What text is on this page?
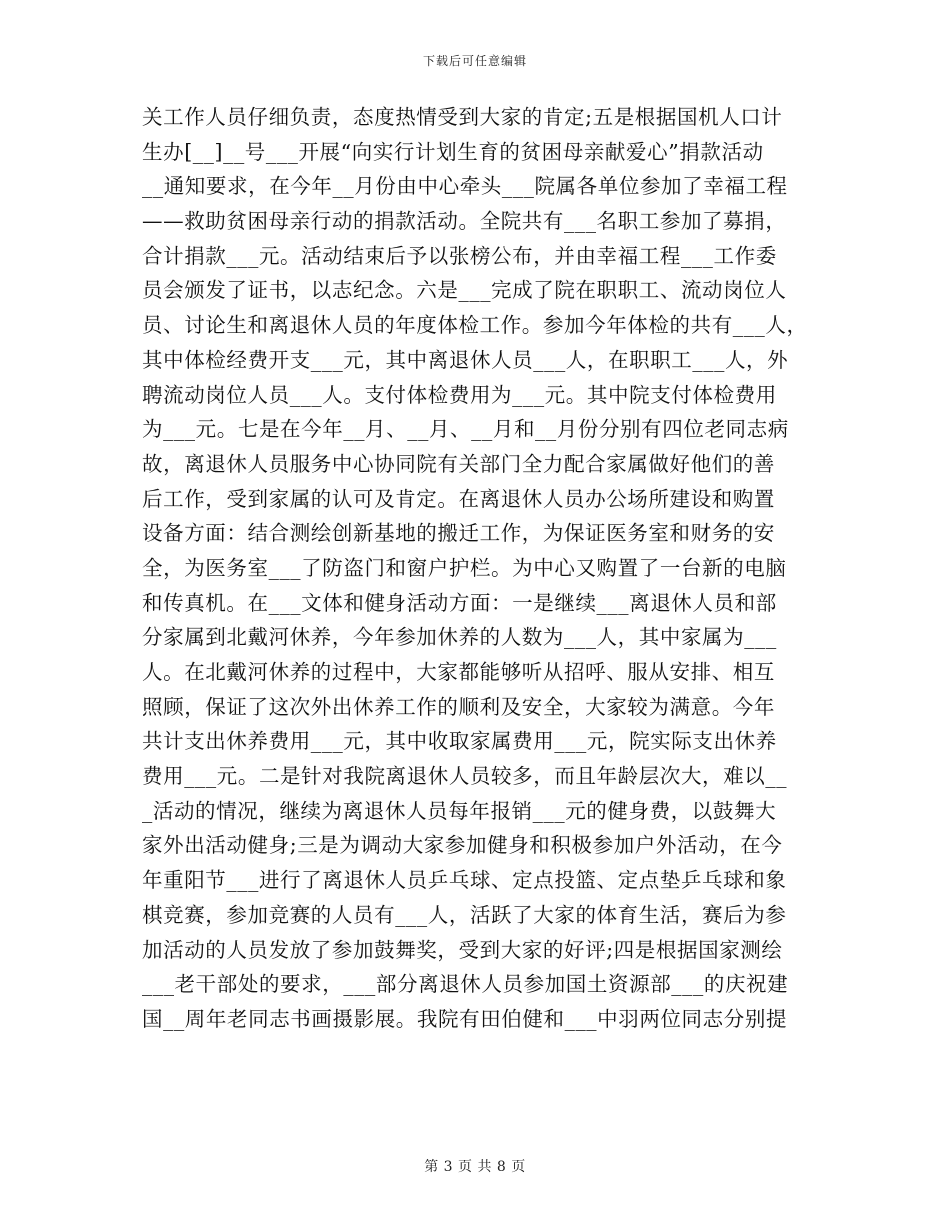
下载后可任意编辑
关工作人员仔细负责，态度热情受到大家的肯定;五是根据国机人口计
生办[__]__号___开展“向实行计划生育的贫困母亲献爱心”捐款活动
__通知要求，在今年__月份由中心牵头___院属各单位参加了幸福工程
——救助贫困母亲行动的捐款活动。全院共有___名职工参加了募捐，
合计捐款___元。活动结束后予以张榜公布，并由幸福工程___工作委
员会颁发了证书，以志纪念。六是___完成了院在职职工、流动岗位人
员、讨论生和离退休人员的年度体检工作。参加今年体检的共有___人，
其中体检经费开支___元，其中离退休人员___人，在职职工___人，外
聘流动岗位人员___人。支付体检费用为___元。其中院支付体检费用
为___元。七是在今年__月、__月、__月和__月份分别有四位老同志病
故，离退休人员服务中心协同院有关部门全力配合家属做好他们的善
后工作，受到家属的认可及肯定。在离退休人员办公场所建设和购置
设备方面：结合测绘创新基地的搬迁工作，为保证医务室和财务的安
全，为医务室___了防盗门和窗户护栏。为中心又购置了一台新的电脑
和传真机。在___文体和健身活动方面：一是继续___离退休人员和部
分家属到北戴河休养，今年参加休养的人数为___人，其中家属为___
人。在北戴河休养的过程中，大家都能够听从招呼、服从安排、相互
照顾，保证了这次外出休养工作的顺利及安全，大家较为满意。今年
共计支出休养费用___元，其中收取家属费用___元，院实际支出休养
费用___元。二是针对我院离退休人员较多，而且年龄层次大，难以__
_活动的情况，继续为离退休人员每年报销___元的健身费，以鼓舞大
家外出活动健身;三是为调动大家参加健身和积极参加户外活动，在今
年重阳节___进行了离退休人员乒乓球、定点投篮、定点垫乒乓球和象
棋竞赛，参加竞赛的人员有___人，活跃了大家的体育生活，赛后为参
加活动的人员发放了参加鼓舞奖，受到大家的好评;四是根据国家测绘
___老干部处的要求，___部分离退休人员参加国土资源部___的庆祝建
国__周年老同志书画摄影展。我院有田伯健和___中羽两位同志分别提
第 3 页 共 8 页
